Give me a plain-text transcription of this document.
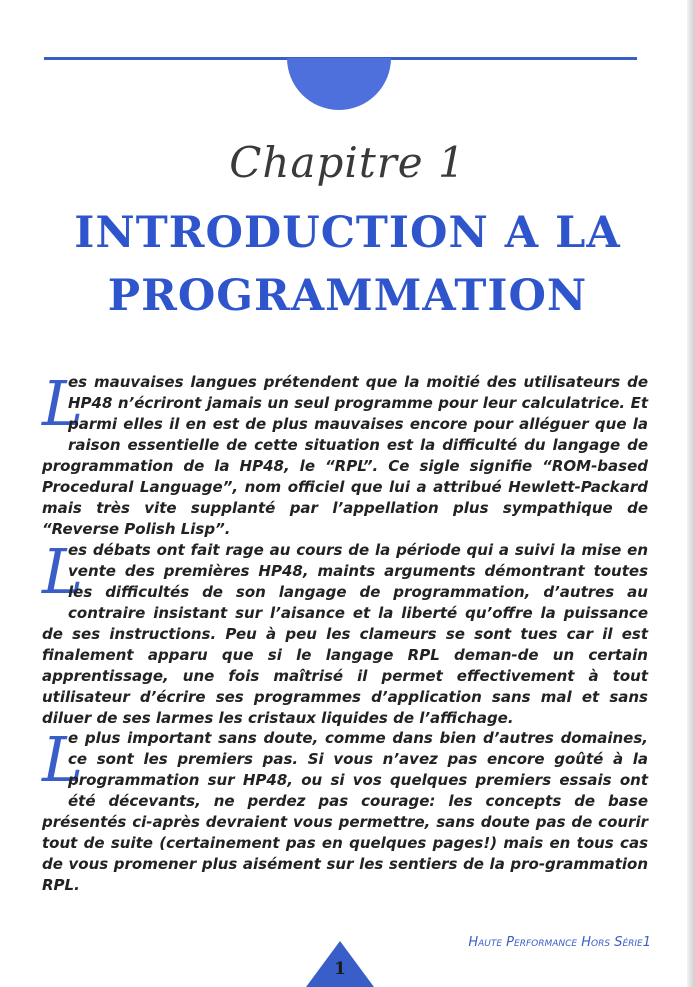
Chapitre 1
INTRODUCTION A LA
PROGRAMMATION

L
es mauvaises langues prétendent que la moitié des utilisateurs de HP48 n’écriront jamais un seul programme pour leur calculatrice. Et parmi elles il en est de plus mauvaises encore pour alléguer que la raison essentielle de cette situation est la difficulté du langage de programmation de la HP48, le “RPL”. Ce sigle signifie “ROM-based Procedural Language”, nom officiel que lui a attribué Hewlett-Packard mais très vite supplanté par l’appellation plus sympathique de “Reverse Polish Lisp”.

L
es débats ont fait rage au cours de la période qui a suivi la mise en vente des premières HP48, maints arguments démontrant toutes les difficultés de son langage de programmation, d’autres au contraire insistant sur l’aisance et la liberté qu’offre la puissance de ses instructions. Peu à peu les clameurs se sont tues car il est finalement apparu que si le langage RPL deman-de un certain apprentissage, une fois maîtrisé il permet effectivement à tout utilisateur d’écrire ses programmes d’application sans mal et sans diluer de ses larmes les cristaux liquides de l’affichage.

L
e plus important sans doute, comme dans bien d’autres domaines, ce sont les premiers pas. Si vous n’avez pas encore goûté à la programmation sur HP48, ou si vos quelques premiers essais ont été décevants, ne perdez pas courage: les concepts de base présentés ci-après devraient vous permettre, sans doute pas de courir tout de suite (certainement pas en quelques pages!) mais en tous cas de vous promener plus aisément sur les sentiers de la pro-grammation RPL.

Haute Performance Hors Série1
1
